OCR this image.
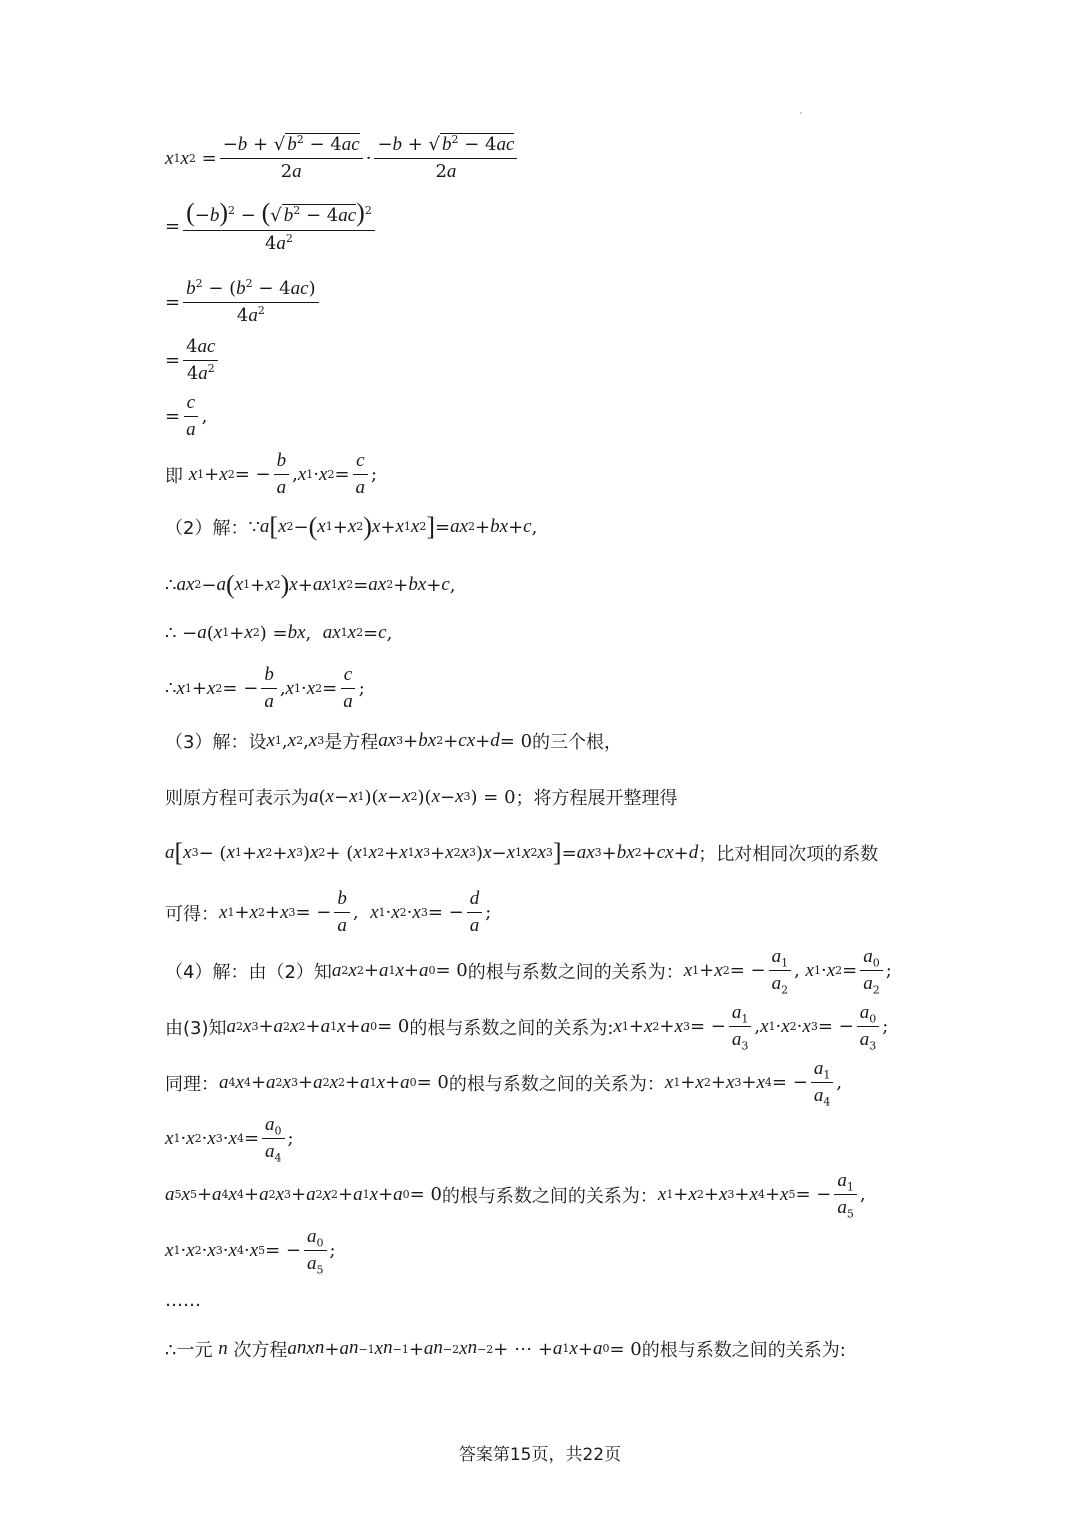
x 1 x $2 = \frac{-b + √ b^2 - 4ac}{2a} \cdot \frac{-b + √ b^2 - 4ac}{2a}$
= $\frac{(-b)^2 - (√ b^2 - 4ac)^2}{4a^2}$
= $\frac{b^2 - (b^2 - 4ac)}{4a^2}$
= $\frac{4ac}{4a^2}$
= $\frac{c}{a}$ ,
即
x 1 + x 2 = − $\frac{b}{a}$ , x 1 · x $2 = \frac{c}{a}$ ;
（2）解： ∵ a [ x 2 − ( x 1 + x 2 ) x + x 1 x 2 ] = ax 2 + bx + c ,
∴ ax 2 − a ( x 1 + x 2 ) x + ax 1 x 2 = ax 2 + bx + c ,
∴ − a ( x 1 + x 2 ) = bx , ax 1 x 2 = c ,
∴ x 1 + x 2 = − $\frac{b}{a}$ , x 1 · x $2 = \frac{c}{a}$ ;
（3）解：设 x 1 , x 2 , x 3 是方程 ax 3 + bx 2 + cx + d = 0 的三个根，
则原方程可表示为 a ( x − x 1 )( x − x 2 )( x − x 3 ) = 0 ；将方程展开整理得
a [ x 3 − ( x 1 + x 2 + x 3 ) x 2 + ( x 1 x 2 + x 1 x 3 + x 2 x 3 ) x − x 1 x 2 x 3 ] = ax 3 + bx 2 + cx + d ；比对相同次项的系数
可得： x 1 + x 2 + x 3 = − $\frac{b}{a}$ , x 1 · x 2 · x 3 = − $\frac{d}{a}$ ;
（4）解：由（2）知 a 2 x 2 + a 1 x + a 0 = 0 的根与系数之间的关系为： x 1 + x 2 = − $\frac{a_1}{a_2}$ , x 1 · x $2 = \frac{a_0}{a_2}$ ;
由(3)知 a 2 x 3 + a 2 x 2 + a 1 x + a 0 = 0 的根与系数之间的关系为: x 1 + x 2 + x 3 = − $\frac{a_1}{a_3}$ , x 1 · x 2 · x 3 = − $\frac{a_0}{a_3}$ ;
同理： a 4 x 4 + a 2 x 3 + a 2 x 2 + a 1 x + a 0 = 0 的根与系数之间的关系为： x 1 + x 2 + x 3 + x 4 = − $\frac{a_1}{a_4}$ ,
x 1 · x 2 · x 3 · x $4 = \frac{a_0}{a_4}$ ;
a 5 x 5 + a 4 x 4 + a 2 x 3 + a 2 x 2 + a 1 x + a 0 = 0 的根与系数之间的关系为： x 1 + x 2 + x 3 + x 4 + x 5 = − $\frac{a_1}{a_5}$ ,
x 1 · x 2 · x 3 · x 4 · x 5 = − $\frac{a_0}{a_5}$ ;
……
∴一元
n
次方程 a n x n + a n−1 x n−1 + a n−2 x n−2 + ⋯ + a 1 x + a 0 = 0 的根与系数之间的关系为:
答案第15页，共22页
